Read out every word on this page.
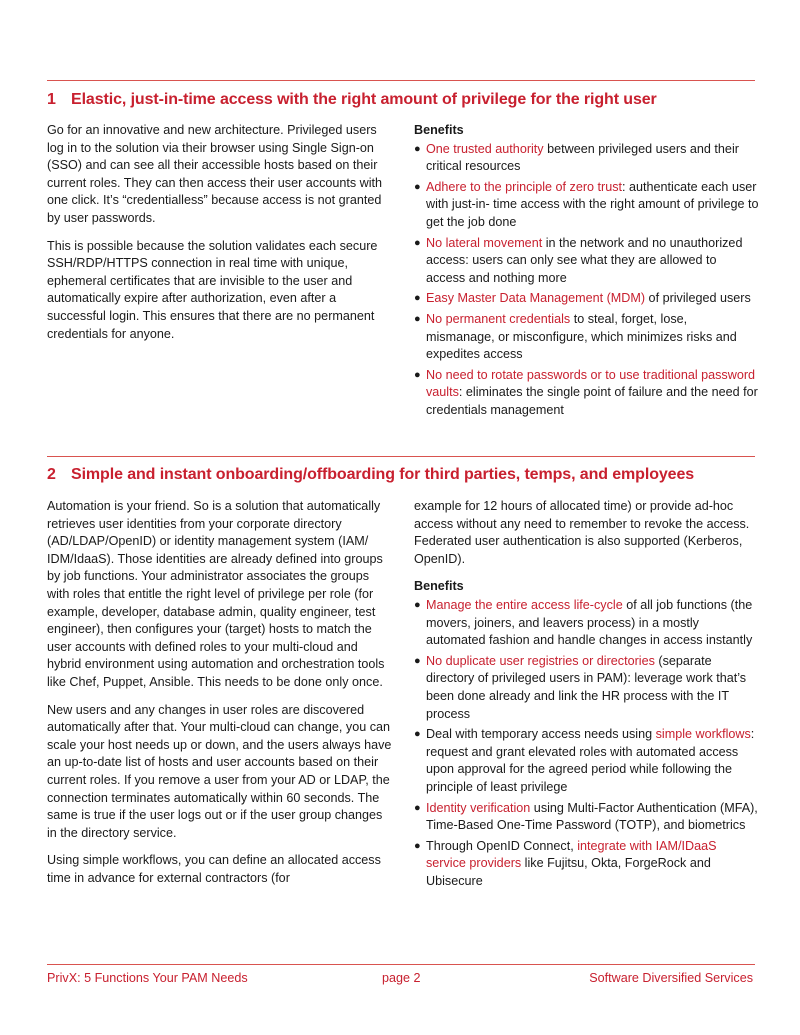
1 Elastic, just-in-time access with the right amount of privilege for the right user

Go for an innovative and new architecture. Privileged users log in to the solution via their browser using Single Sign-on (SSO) and can see all their accessible hosts based on their current roles. They can then access their user accounts with one click. It’s “credentialless” because access is not granted by user passwords.

This is possible because the solution validates each secure SSH/RDP/HTTPS connection in real time with unique, ephemeral certificates that are invisible to the user and automatically expire after authorization, even after a successful login. This ensures that there are no permanent credentials for anyone.

Benefits
● One trusted authority between privileged users and their critical resources
● Adhere to the principle of zero trust: authenticate each user with just-in- time access with the right amount of privilege to get the job done
● No lateral movement in the network and no unauthorized access: users can only see what they are allowed to access and nothing more
● Easy Master Data Management (MDM) of privileged users
● No permanent credentials to steal, forget, lose, mismanage, or misconfigure, which minimizes risks and expedites access
● No need to rotate passwords or to use traditional password vaults: eliminates the single point of failure and the need for credentials management
2 Simple and instant onboarding/offboarding for third parties, temps, and employees

Automation is your friend. So is a solution that automatically retrieves user identities from your corporate directory (AD/LDAP/OpenID) or identity management system (IAM/ IDM/IdaaS). Those identities are already defined into groups by job functions. Your administrator associates the groups with roles that entitle the right level of privilege per role (for example, developer, database admin, quality engineer, test engineer), then configures your (target) hosts to match the user accounts with defined roles to your multi-cloud and hybrid environment using automation and orchestration tools like Chef, Puppet, Ansible. This needs to be done only once.

New users and any changes in user roles are discovered automatically after that. Your multi-cloud can change, you can scale your host needs up or down, and the users always have an up-to-date list of hosts and user accounts based on their current roles. If you remove a user from your AD or LDAP, the connection terminates automatically within 60 seconds. The same is true if the user logs out or if the user group changes in the directory service.

Using simple workflows, you can define an allocated access time in advance for external contractors (for

example for 12 hours of allocated time) or provide ad-hoc access without any need to remember to revoke the access. Federated user authentication is also supported (Kerberos, OpenID).

Benefits
● Manage the entire access life-cycle of all job functions (the movers, joiners, and leavers process) in a mostly automated fashion and handle changes in access instantly
● No duplicate user registries or directories (separate directory of privileged users in PAM): leverage work that’s been done already and link the HR process with the IT process
● Deal with temporary access needs using simple workflows: request and grant elevated roles with automated access upon approval for the agreed period while following the principle of least privilege
● Identity verification using Multi-Factor Authentication (MFA), Time-Based One-Time Password (TOTP), and biometrics
● Through OpenID Connect, integrate with IAM/IDaaS service providers like Fujitsu, Okta, ForgeRock and Ubisecure
PrivX: 5 Functions Your PAM Needs	page 2	Software Diversified Services
